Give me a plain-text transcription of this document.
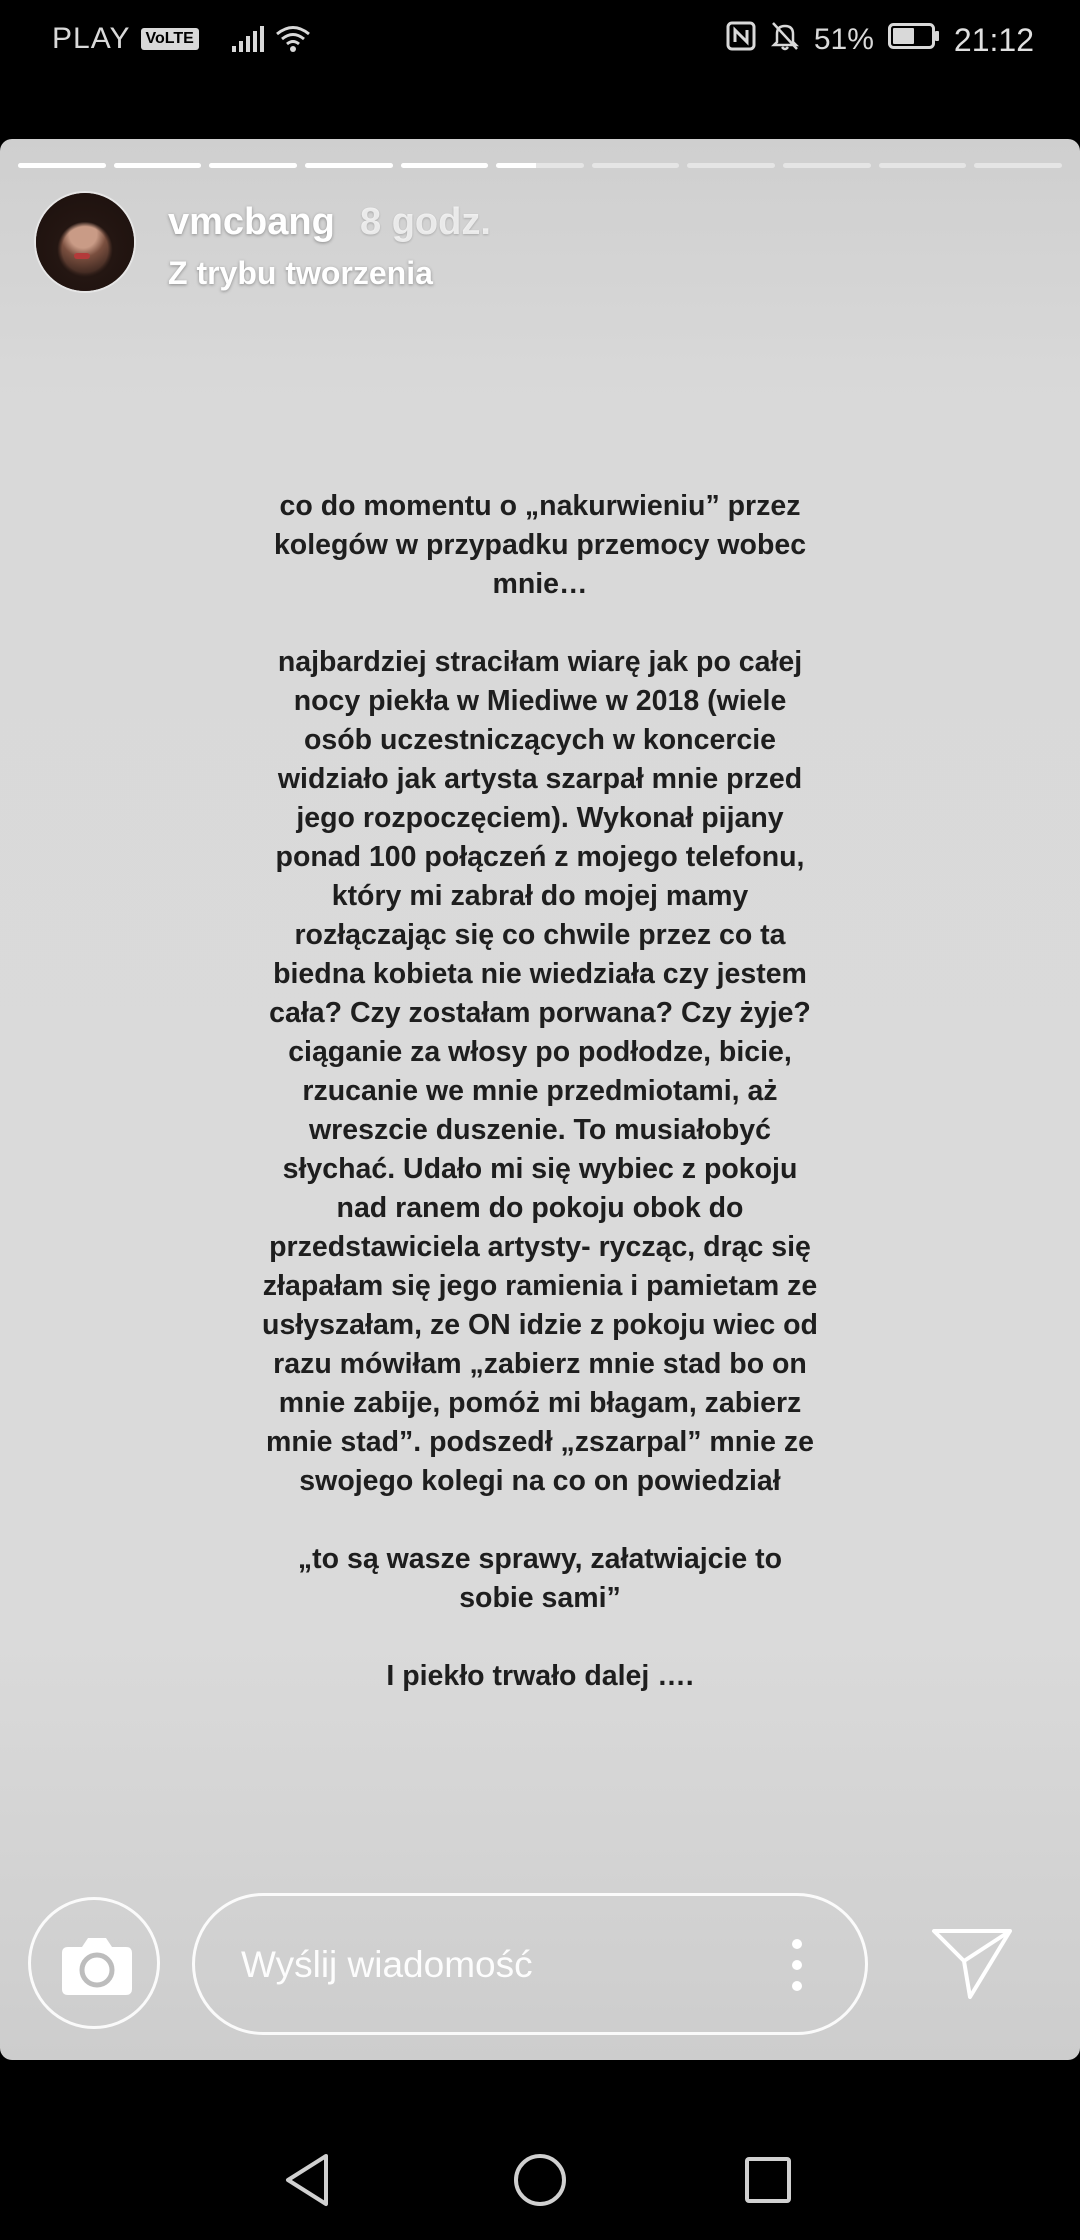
PLAY VoLTE	51%	21:12
vmcbang 8 godz.
Z trybu tworzenia
co do momentu o „nakurwieniu” przez
kolegów w przypadku przemocy wobec
mnie…

najbardziej straciłam wiarę jak po całej
nocy piekła w Miediwe w 2018 (wiele
osób uczestniczących w koncercie
widziało jak artysta szarpał mnie przed
jego rozpoczęciem). Wykonał pijany
ponad 100 połączeń z mojego telefonu,
który mi zabrał do mojej mamy
rozłączając się co chwile przez co ta
biedna kobieta nie wiedziała czy jestem
cała? Czy zostałam porwana? Czy żyje?
ciąganie za włosy po podłodze, bicie,
rzucanie we mnie przedmiotami, aż
wreszcie duszenie. To musiałobyć
słychać. Udało mi się wybiec z pokoju
nad ranem do pokoju obok do
przedstawiciela artysty- rycząc, drąc się
złapałam się jego ramienia i pamietam ze
usłyszałam, ze ON idzie z pokoju wiec od
razu mówiłam „zabierz mnie stad bo on
mnie zabije, pomóż mi błagam, zabierz
mnie stad”. podszedł „zszarpal” mnie ze
swojego kolegi na co on powiedział

„to są wasze sprawy, załatwiajcie to
sobie sami”

I piekło trwało dalej ….
Wyślij wiadomość
